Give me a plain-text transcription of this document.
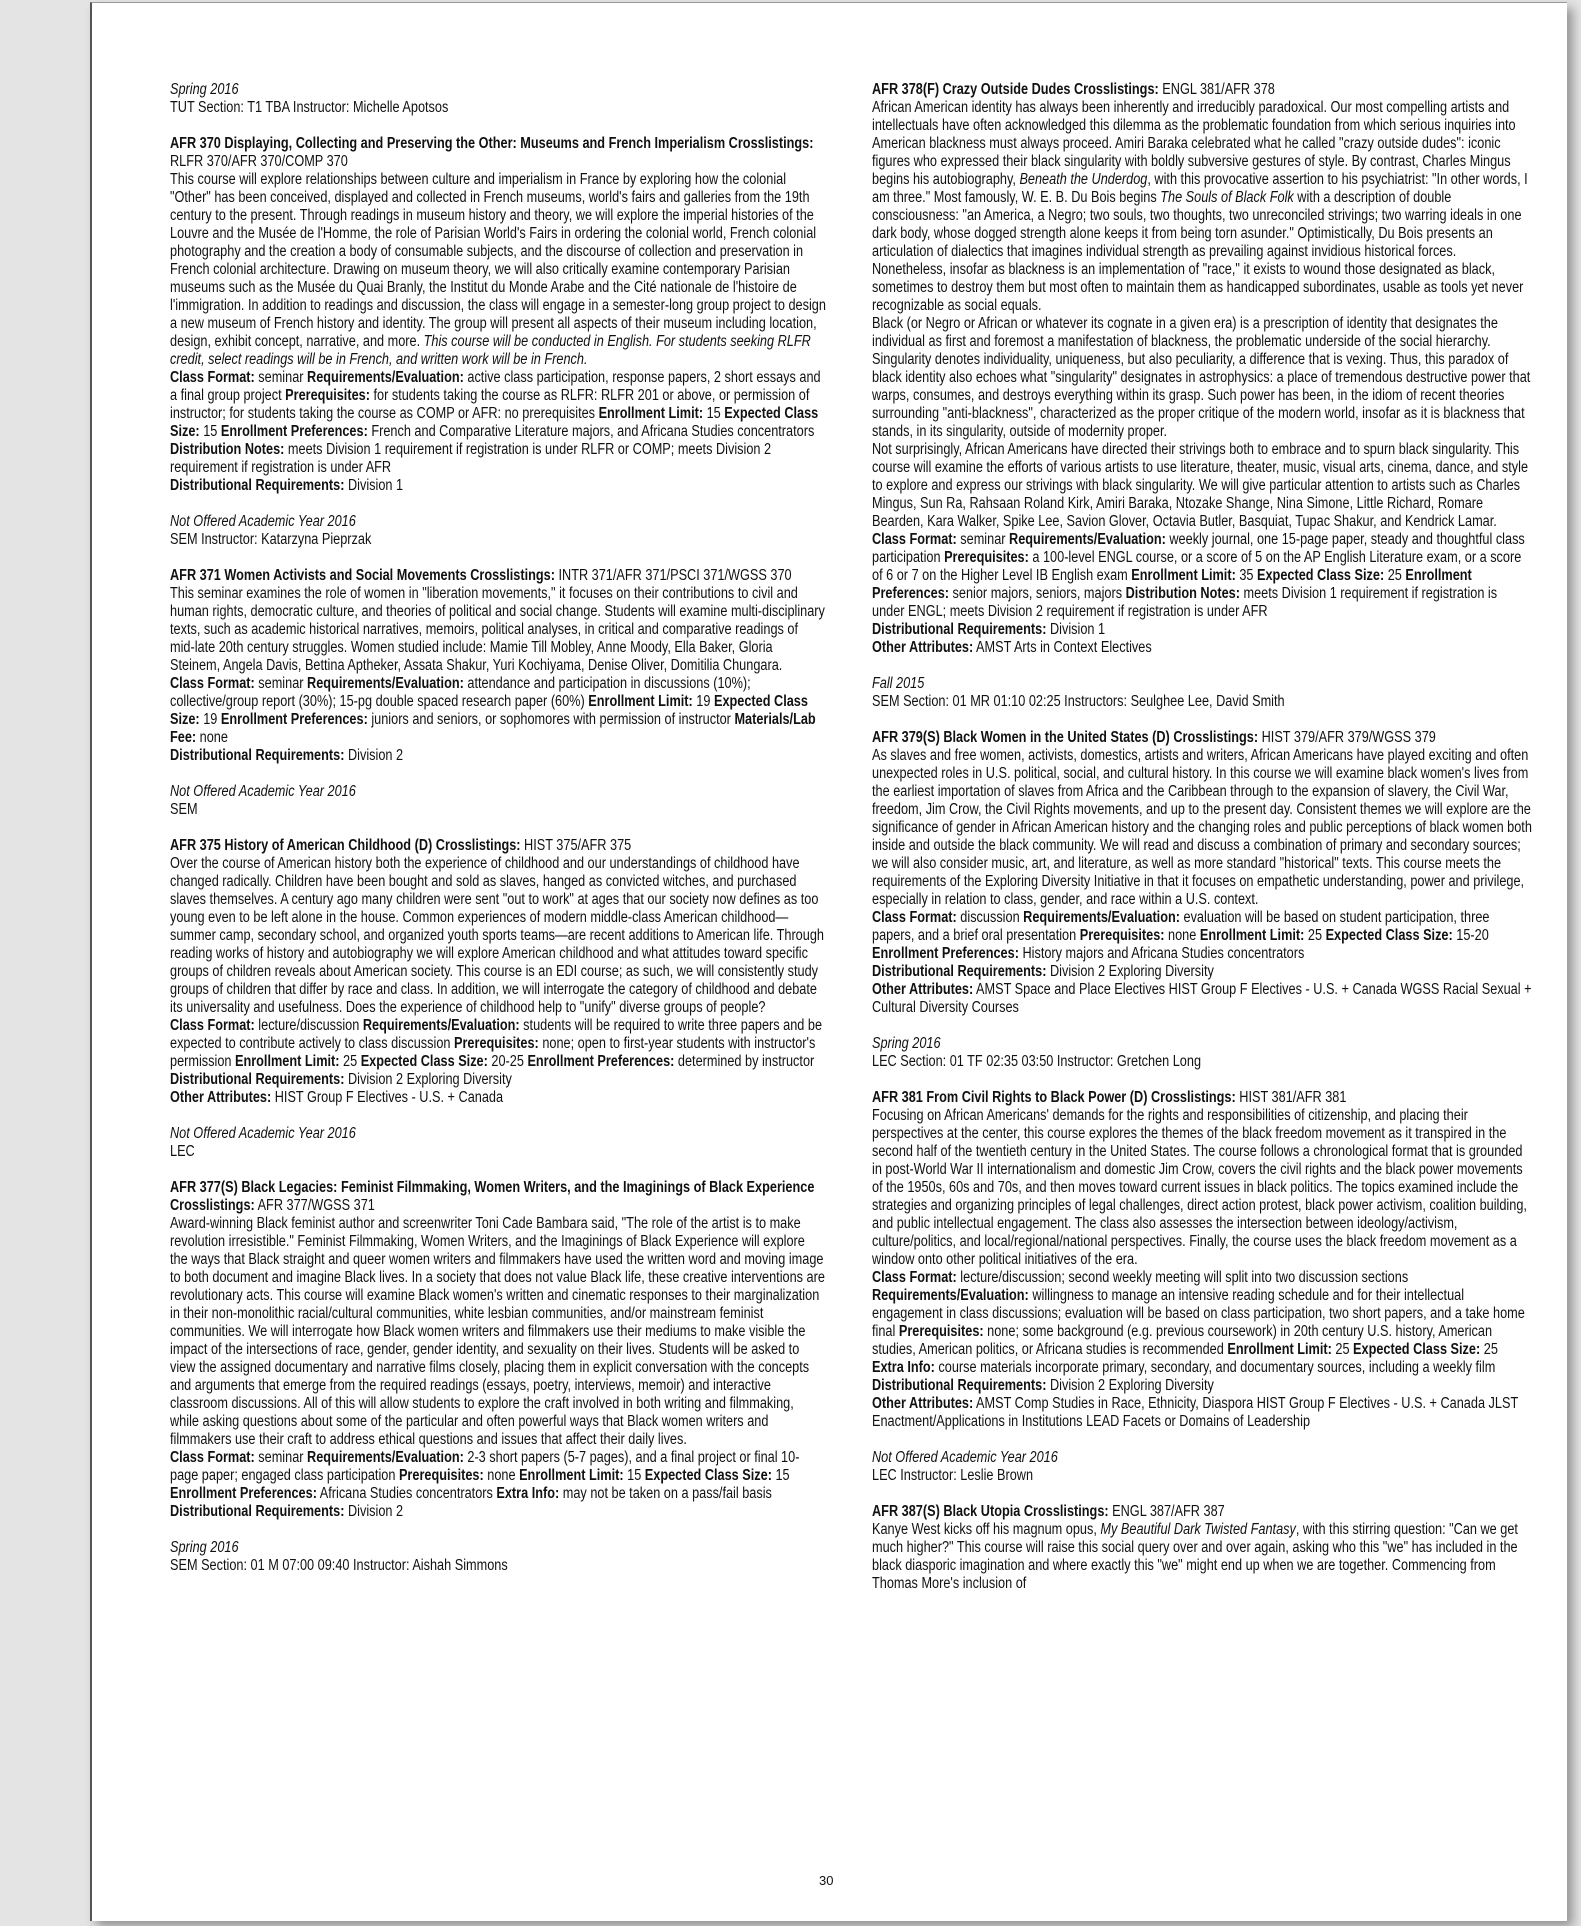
Spring 2016
TUT Section: T1 TBA Instructor: Michelle Apotsos
AFR 370 Displaying, Collecting and Preserving the Other: Museums and French Imperialism Crosslistings: RLFR 370/AFR 370/COMP 370
This course will explore relationships between culture and imperialism in France by exploring how the colonial "Other" has been conceived, displayed and collected in French museums, world's fairs and galleries from the 19th century to the present. Through readings in museum history and theory, we will explore the imperial histories of the Louvre and the Musée de l'Homme, the role of Parisian World's Fairs in ordering the colonial world, French colonial photography and the creation a body of consumable subjects, and the discourse of collection and preservation in French colonial architecture. Drawing on museum theory, we will also critically examine contemporary Parisian museums such as the Musée du Quai Branly, the Institut du Monde Arabe and the Cité nationale de l'histoire de l'immigration. In addition to readings and discussion, the class will engage in a semester-long group project to design a new museum of French history and identity. The group will present all aspects of their museum including location, design, exhibit concept, narrative, and more. This course will be conducted in English. For students seeking RLFR credit, select readings will be in French, and written work will be in French.
Class Format: seminar Requirements/Evaluation: active class participation, response papers, 2 short essays and a final group project Prerequisites: for students taking the course as RLFR: RLFR 201 or above, or permission of instructor; for students taking the course as COMP or AFR: no prerequisites Enrollment Limit: 15 Expected Class Size: 15 Enrollment Preferences: French and Comparative Literature majors, and Africana Studies concentrators Distribution Notes: meets Division 1 requirement if registration is under RLFR or COMP; meets Division 2 requirement if registration is under AFR
Distributional Requirements: Division 1
Not Offered Academic Year 2016
SEM Instructor: Katarzyna Pieprzak
AFR 371 Women Activists and Social Movements Crosslistings: INTR 371/AFR 371/PSCI 371/WGSS 370
This seminar examines the role of women in "liberation movements," it focuses on their contributions to civil and human rights, democratic culture, and theories of political and social change. Students will examine multi-disciplinary texts, such as academic historical narratives, memoirs, political analyses, in critical and comparative readings of mid-late 20th century struggles. Women studied include: Mamie Till Mobley, Anne Moody, Ella Baker, Gloria Steinem, Angela Davis, Bettina Aptheker, Assata Shakur, Yuri Kochiyama, Denise Oliver, Domitilia Chungara.
Class Format: seminar Requirements/Evaluation: attendance and participation in discussions (10%); collective/group report (30%); 15-pg double spaced research paper (60%) Enrollment Limit: 19 Expected Class Size: 19 Enrollment Preferences: juniors and seniors, or sophomores with permission of instructor Materials/Lab Fee: none
Distributional Requirements: Division 2
Not Offered Academic Year 2016
SEM
AFR 375 History of American Childhood (D) Crosslistings: HIST 375/AFR 375
Over the course of American history both the experience of childhood and our understandings of childhood have changed radically. Children have been bought and sold as slaves, hanged as convicted witches, and purchased slaves themselves. A century ago many children were sent "out to work" at ages that our society now defines as too young even to be left alone in the house. Common experiences of modern middle-class American childhood—summer camp, secondary school, and organized youth sports teams—are recent additions to American life. Through reading works of history and autobiography we will explore American childhood and what attitudes toward specific groups of children reveals about American society. This course is an EDI course; as such, we will consistently study groups of children that differ by race and class. In addition, we will interrogate the category of childhood and debate its universality and usefulness. Does the experience of childhood help to "unify" diverse groups of people?
Class Format: lecture/discussion Requirements/Evaluation: students will be required to write three papers and be expected to contribute actively to class discussion Prerequisites: none; open to first-year students with instructor's permission Enrollment Limit: 25 Expected Class Size: 20-25 Enrollment Preferences: determined by instructor
Distributional Requirements: Division 2 Exploring Diversity
Other Attributes: HIST Group F Electives - U.S. + Canada
Not Offered Academic Year 2016
LEC
AFR 377(S) Black Legacies: Feminist Filmmaking, Women Writers, and the Imaginings of Black Experience Crosslistings: AFR 377/WGSS 371
Award-winning Black feminist author and screenwriter Toni Cade Bambara said, "The role of the artist is to make revolution irresistible." Feminist Filmmaking, Women Writers, and the Imaginings of Black Experience will explore the ways that Black straight and queer women writers and filmmakers have used the written word and moving image to both document and imagine Black lives. In a society that does not value Black life, these creative interventions are revolutionary acts. This course will examine Black women's written and cinematic responses to their marginalization in their non-monolithic racial/cultural communities, white lesbian communities, and/or mainstream feminist communities. We will interrogate how Black women writers and filmmakers use their mediums to make visible the impact of the intersections of race, gender, gender identity, and sexuality on their lives. Students will be asked to view the assigned documentary and narrative films closely, placing them in explicit conversation with the concepts and arguments that emerge from the required readings (essays, poetry, interviews, memoir) and interactive classroom discussions. All of this will allow students to explore the craft involved in both writing and filmmaking, while asking questions about some of the particular and often powerful ways that Black women writers and filmmakers use their craft to address ethical questions and issues that affect their daily lives.
Class Format: seminar Requirements/Evaluation: 2-3 short papers (5-7 pages), and a final project or final 10-page paper; engaged class participation Prerequisites: none Enrollment Limit: 15 Expected Class Size: 15 Enrollment Preferences: Africana Studies concentrators Extra Info: may not be taken on a pass/fail basis
Distributional Requirements: Division 2
Spring 2016
SEM Section: 01 M 07:00 09:40 Instructor: Aishah Simmons
AFR 378(F) Crazy Outside Dudes Crosslistings: ENGL 381/AFR 378
African American identity has always been inherently and irreducibly paradoxical. Our most compelling artists and intellectuals have often acknowledged this dilemma as the problematic foundation from which serious inquiries into American blackness must always proceed. Amiri Baraka celebrated what he called "crazy outside dudes": iconic figures who expressed their black singularity with boldly subversive gestures of style. By contrast, Charles Mingus begins his autobiography, Beneath the Underdog, with this provocative assertion to his psychiatrist: "In other words, I am three." Most famously, W. E. B. Du Bois begins The Souls of Black Folk with a description of double consciousness: "an America, a Negro; two souls, two thoughts, two unreconciled strivings; two warring ideals in one dark body, whose dogged strength alone keeps it from being torn asunder." Optimistically, Du Bois presents an articulation of dialectics that imagines individual strength as prevailing against invidious historical forces. Nonetheless, insofar as blackness is an implementation of "race," it exists to wound those designated as black, sometimes to destroy them but most often to maintain them as handicapped subordinates, usable as tools yet never recognizable as social equals.
Black (or Negro or African or whatever its cognate in a given era) is a prescription of identity that designates the individual as first and foremost a manifestation of blackness, the problematic underside of the social hierarchy. Singularity denotes individuality, uniqueness, but also peculiarity, a difference that is vexing. Thus, this paradox of black identity also echoes what "singularity" designates in astrophysics: a place of tremendous destructive power that warps, consumes, and destroys everything within its grasp. Such power has been, in the idiom of recent theories surrounding "anti-blackness", characterized as the proper critique of the modern world, insofar as it is blackness that stands, in its singularity, outside of modernity proper.
Not surprisingly, African Americans have directed their strivings both to embrace and to spurn black singularity. This course will examine the efforts of various artists to use literature, theater, music, visual arts, cinema, dance, and style to explore and express our strivings with black singularity. We will give particular attention to artists such as Charles Mingus, Sun Ra, Rahsaan Roland Kirk, Amiri Baraka, Ntozake Shange, Nina Simone, Little Richard, Romare Bearden, Kara Walker, Spike Lee, Savion Glover, Octavia Butler, Basquiat, Tupac Shakur, and Kendrick Lamar.
Class Format: seminar Requirements/Evaluation: weekly journal, one 15-page paper, steady and thoughtful class participation Prerequisites: a 100-level ENGL course, or a score of 5 on the AP English Literature exam, or a score of 6 or 7 on the Higher Level IB English exam Enrollment Limit: 35 Expected Class Size: 25 Enrollment Preferences: senior majors, seniors, majors Distribution Notes: meets Division 1 requirement if registration is under ENGL; meets Division 2 requirement if registration is under AFR
Distributional Requirements: Division 1
Other Attributes: AMST Arts in Context Electives
Fall 2015
SEM Section: 01 MR 01:10 02:25 Instructors: Seulghee Lee, David Smith
AFR 379(S) Black Women in the United States (D) Crosslistings: HIST 379/AFR 379/WGSS 379
As slaves and free women, activists, domestics, artists and writers, African Americans have played exciting and often unexpected roles in U.S. political, social, and cultural history. In this course we will examine black women's lives from the earliest importation of slaves from Africa and the Caribbean through to the expansion of slavery, the Civil War, freedom, Jim Crow, the Civil Rights movements, and up to the present day. Consistent themes we will explore are the significance of gender in African American history and the changing roles and public perceptions of black women both inside and outside the black community. We will read and discuss a combination of primary and secondary sources; we will also consider music, art, and literature, as well as more standard "historical" texts. This course meets the requirements of the Exploring Diversity Initiative in that it focuses on empathetic understanding, power and privilege, especially in relation to class, gender, and race within a U.S. context.
Class Format: discussion Requirements/Evaluation: evaluation will be based on student participation, three papers, and a brief oral presentation Prerequisites: none Enrollment Limit: 25 Expected Class Size: 15-20 Enrollment Preferences: History majors and Africana Studies concentrators
Distributional Requirements: Division 2 Exploring Diversity
Other Attributes: AMST Space and Place Electives HIST Group F Electives - U.S. + Canada WGSS Racial Sexual + Cultural Diversity Courses
Spring 2016
LEC Section: 01 TF 02:35 03:50 Instructor: Gretchen Long
AFR 381 From Civil Rights to Black Power (D) Crosslistings: HIST 381/AFR 381
Focusing on African Americans' demands for the rights and responsibilities of citizenship, and placing their perspectives at the center, this course explores the themes of the black freedom movement as it transpired in the second half of the twentieth century in the United States. The course follows a chronological format that is grounded in post-World War II internationalism and domestic Jim Crow, covers the civil rights and the black power movements of the 1950s, 60s and 70s, and then moves toward current issues in black politics. The topics examined include the strategies and organizing principles of legal challenges, direct action protest, black power activism, coalition building, and public intellectual engagement. The class also assesses the intersection between ideology/activism, culture/politics, and local/regional/national perspectives. Finally, the course uses the black freedom movement as a window onto other political initiatives of the era.
Class Format: lecture/discussion; second weekly meeting will split into two discussion sections Requirements/Evaluation: willingness to manage an intensive reading schedule and for their intellectual engagement in class discussions; evaluation will be based on class participation, two short papers, and a take home final Prerequisites: none; some background (e.g. previous coursework) in 20th century U.S. history, American studies, American politics, or Africana studies is recommended Enrollment Limit: 25 Expected Class Size: 25 Extra Info: course materials incorporate primary, secondary, and documentary sources, including a weekly film
Distributional Requirements: Division 2 Exploring Diversity
Other Attributes: AMST Comp Studies in Race, Ethnicity, Diaspora HIST Group F Electives - U.S. + Canada JLST Enactment/Applications in Institutions LEAD Facets or Domains of Leadership
Not Offered Academic Year 2016
LEC Instructor: Leslie Brown
AFR 387(S) Black Utopia Crosslistings: ENGL 387/AFR 387
Kanye West kicks off his magnum opus, My Beautiful Dark Twisted Fantasy, with this stirring question: "Can we get much higher?" This course will raise this social query over and over again, asking who this "we" has included in the black diasporic imagination and where exactly this "we" might end up when we are together. Commencing from Thomas More's inclusion of
30
